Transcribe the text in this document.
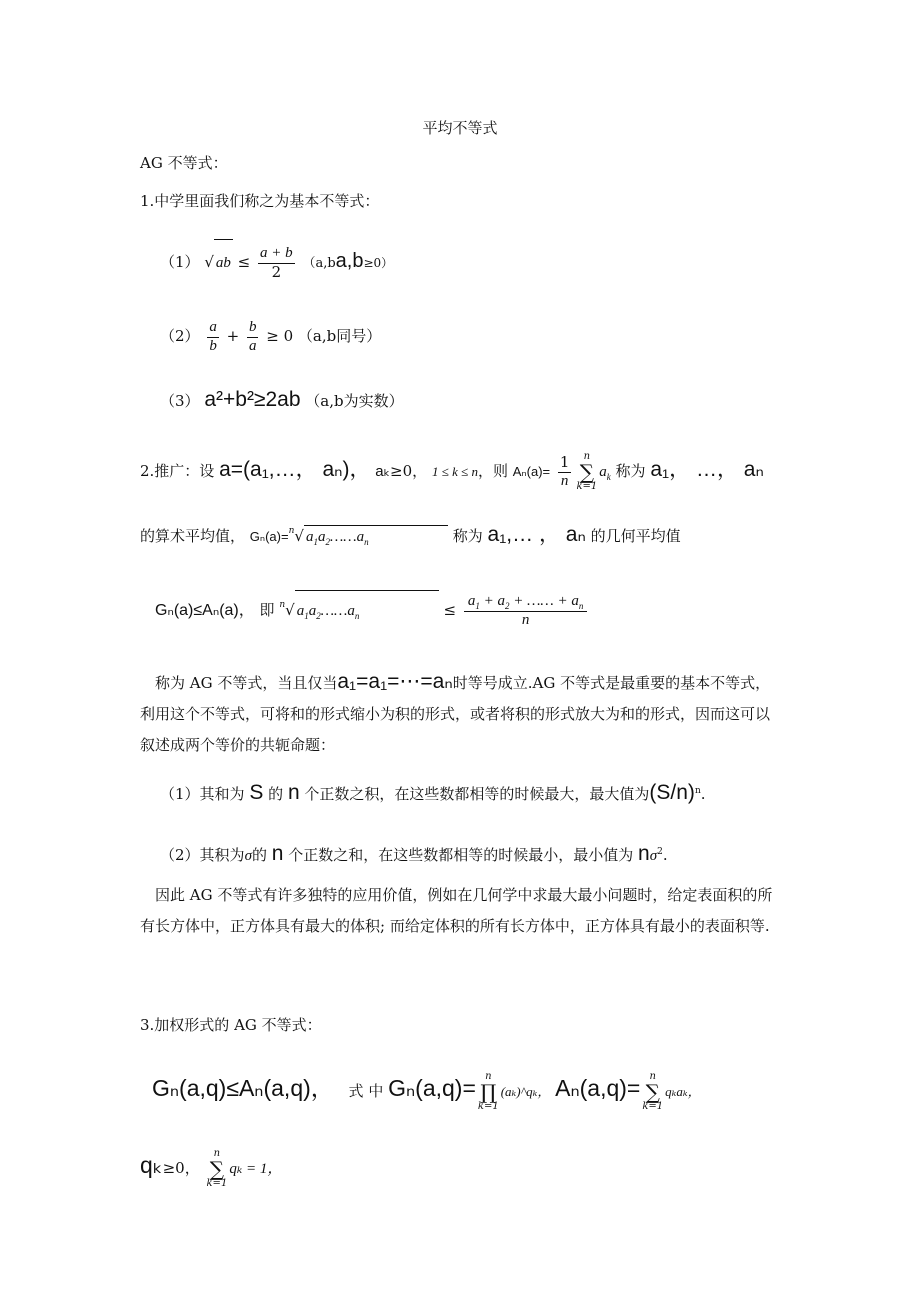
平均不等式
AG 不等式：
1.中学里面我们称之为基本不等式：
（1） √ ab ≤ $\frac{a + b}{2} (a,ba,b\ge 0)$
$(2) \frac{a}{b} + \frac{b}{a} \ge 0$ （a,b同号）
（3） a²+b²≥2ab （a,b为实数）
2.推广：设 a=(a₁,…， aₙ)， aₖ≥0， 1 ≤ k ≤ n，则 $A_n(a)= \frac{1}{n}$	n
∑
k=1
$a_k$ 称为 a₁， …， aₙ
的算术平均值， Gₙ(a)=$^n$√ $a_1a_2\dots\dots a_n$	称为 a₁,… ， aₙ 的几何平均值
Gₙ(a)≤Aₙ(a)， 即 $^n$√ $a_1a_2\dots\dots a_n$	≤ $\frac{a_1 + a_2 + \dots\dots + a_n}{n}$
称为 AG 不等式，当且仅当a₁=a₁=⋯=aₙ时等号成立.AG 不等式是最重要的基本不等式，利用这个不等式，可将和的形式缩小为积的形式，或者将积的形式放大为和的形式，因而这可以叙述成两个等价的共轭命题：
（1）其和为 S 的 n 个正数之积，在这些数都相等的时候最大，最大值为$(S/n)^n$.
（2）其积为σ的 n 个正数之和，在这些数都相等的时候最小，最小值为 $n\sigma^2$.
因此 AG 不等式有许多独特的应用价值，例如在几何学中求最大最小问题时，给定表面积的所有长方体中，正方体具有最大的体积; 而给定体积的所有长方体中，正方体具有最小的表面积等.
3.加权形式的 AG 不等式：
Gₙ(a,q)≤Aₙ(a,q)， 式 中 Gₙ(a,q)= n
∏
k=1
(aₖ)^qₖ， Aₙ(a,q)= n
∑
k=1
qₖaₖ，
qₖ≥0，
n
∑
k=1
qₖ = 1，
